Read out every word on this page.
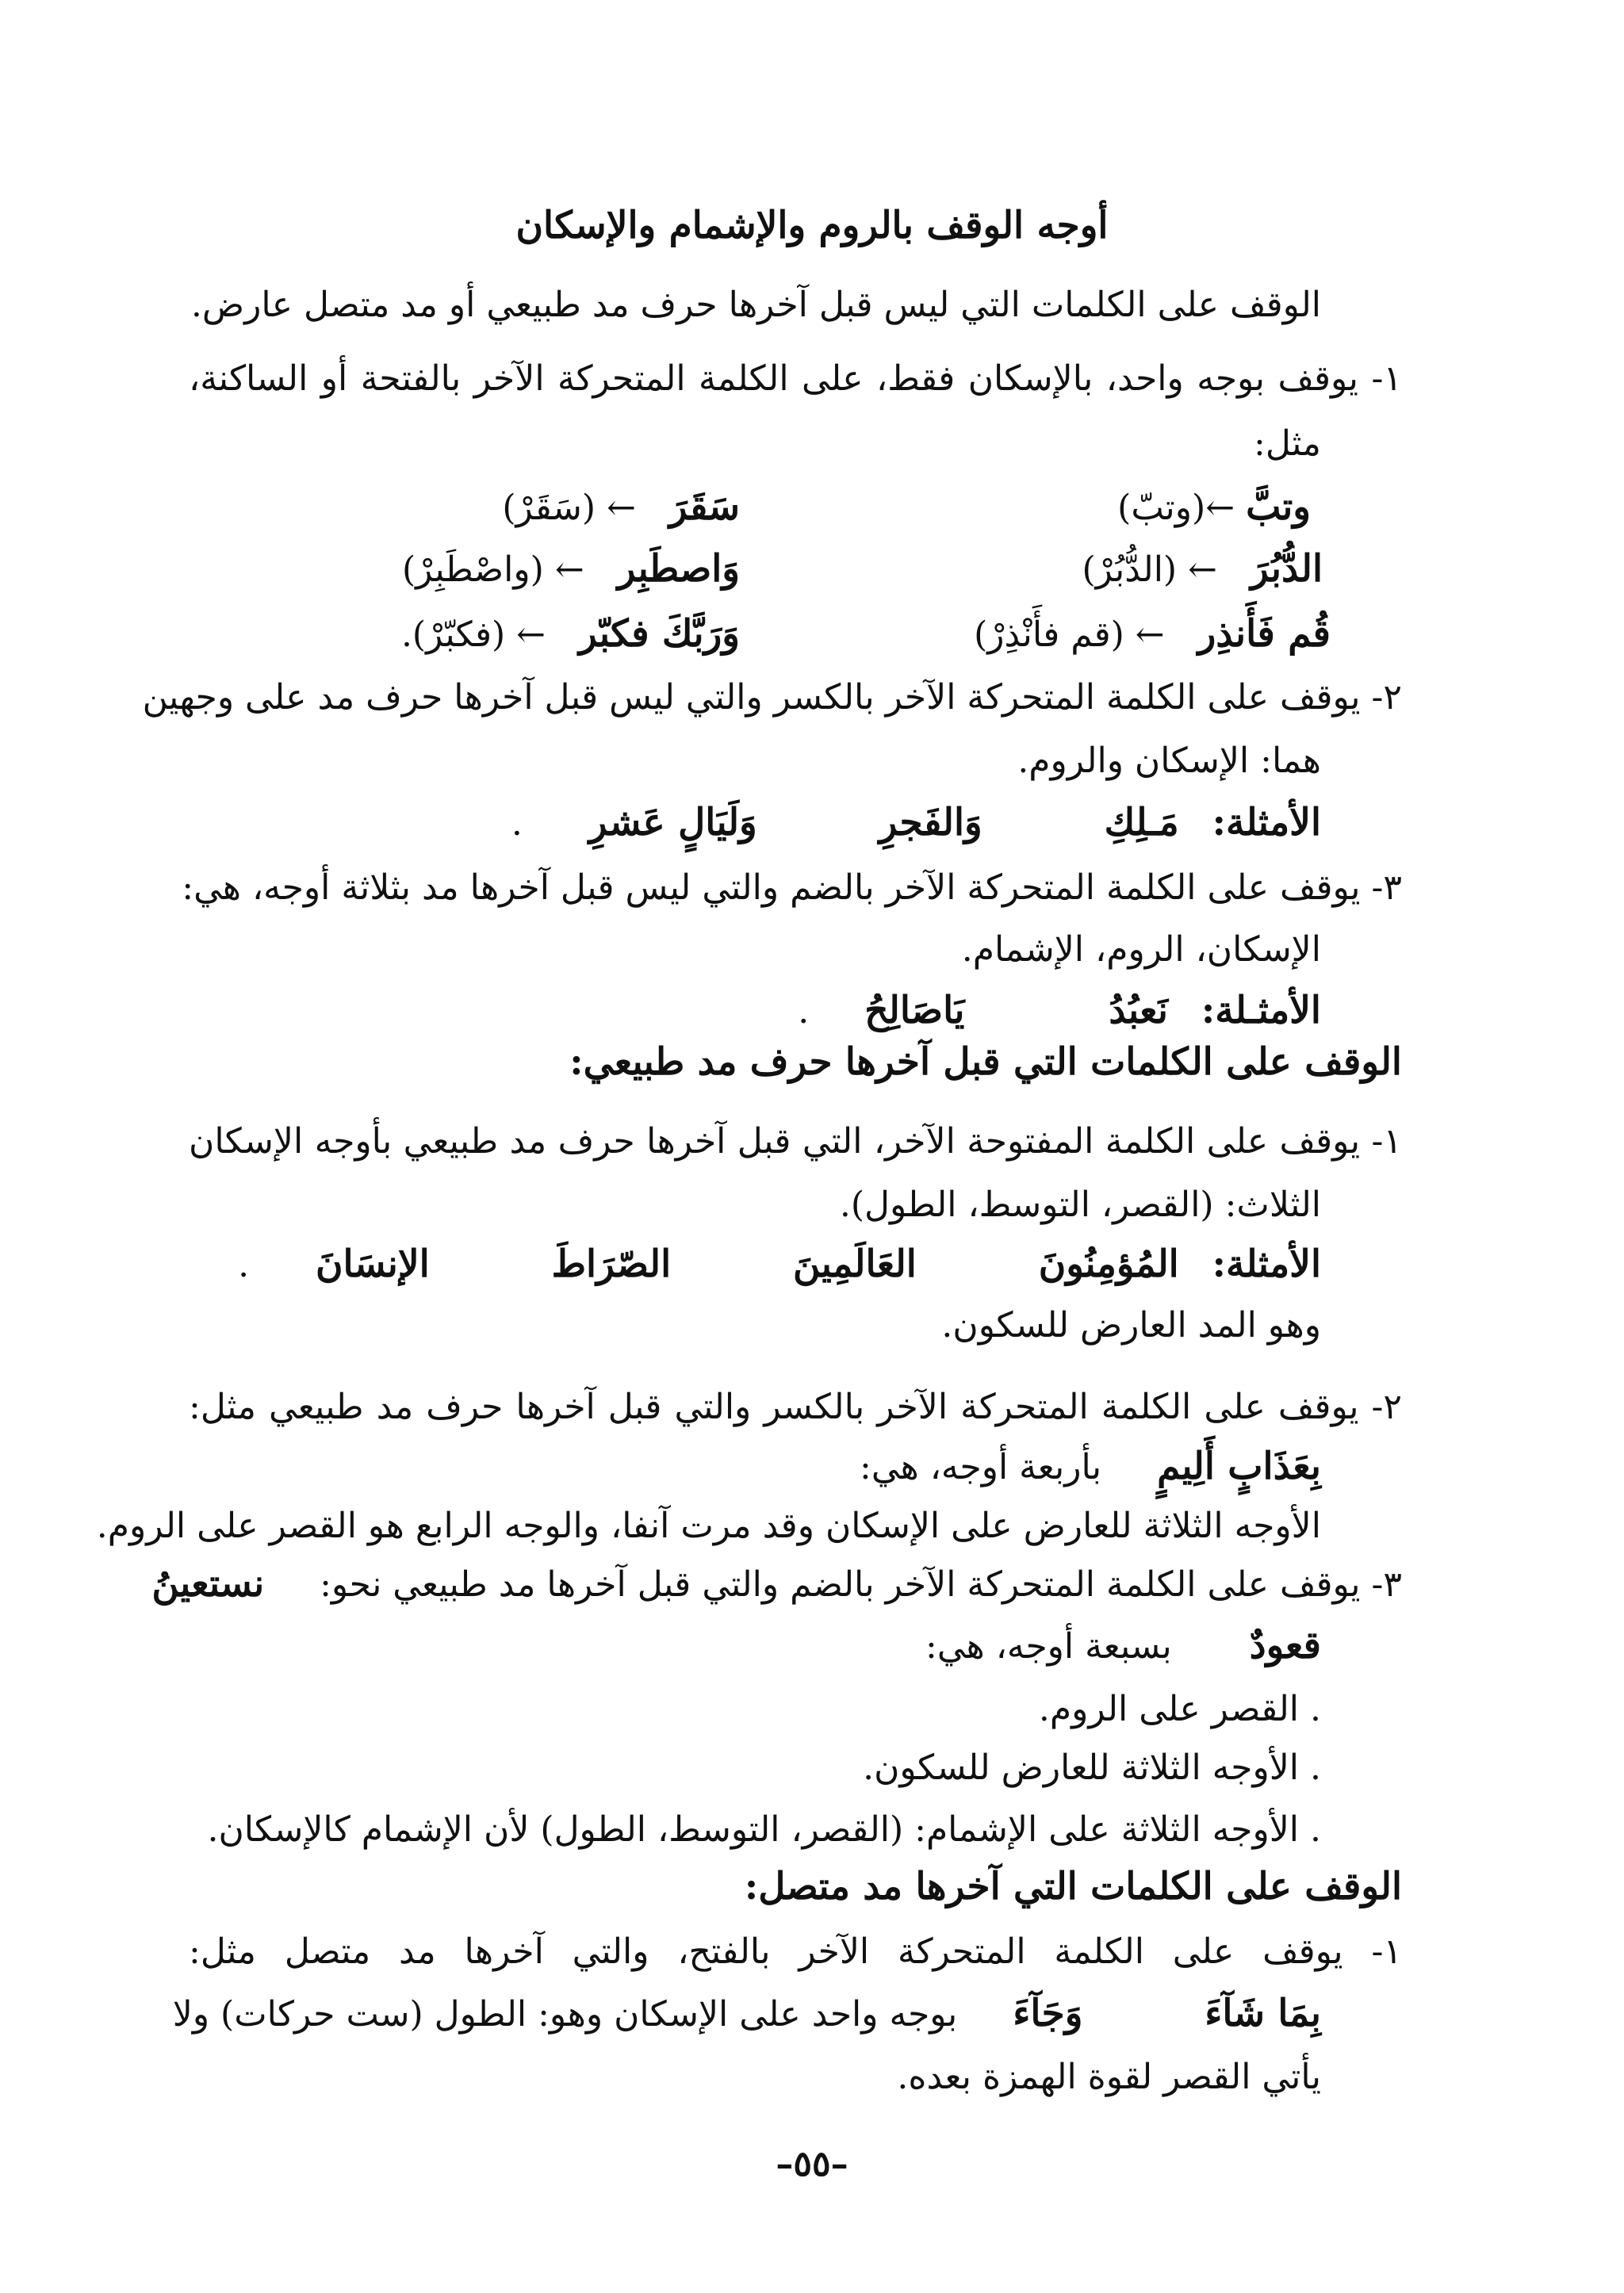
أوجه الوقف بالروم والإشمام والإسكان
الوقف على الكلمات التي ليس قبل آخرها حرف مد طبيعي أو مد متصل عارض.
١- يوقف بوجه واحد، بالإسكان فقط، على الكلمة المتحركة الآخر بالفتحة أو الساكنة،
مثل:
وتبَّ ←(وتبّ)
سَقَرَ   ← (سَقَرْ)
الدُّبُرَ   ← (الدُّبُرْ)
وَاصطَبِر   ← (واصْطَبِرْ)
قُم فَأَنذِر   ← (قم فأَنْذِرْ)
وَرَبَّكَ فكبّر   ← (فكبّرْ).
٢- يوقف على الكلمة المتحركة الآخر بالكسر والتي ليس قبل آخرها حرف مد على وجهين
هما: الإسكان والروم.
الأمثلة:   مَـلِكِ           وَالفَجرِ           وَلَيَالٍ عَشرِ      .
٣- يوقف على الكلمة المتحركة الآخر بالضم والتي ليس قبل آخرها مد بثلاثة أوجه، هي:
الإسكان، الروم، الإشمام.
الأمثـلة:   نَعبُدُ             يَاصَالِحُ     .
الوقف على الكلمات التي قبل آخرها حرف مد طبيعي:
١- يوقف على الكلمة المفتوحة الآخر، التي قبل آخرها حرف مد طبيعي بأوجه الإسكان
الثلاث: (القصر، التوسط، الطول).
الأمثلة:   المُؤمِنُونَ           العَالَمِينَ           الصّرَاطَ           الإنسَانَ      .
وهو المد العارض للسكون.
٢- يوقف على الكلمة المتحركة الآخر بالكسر والتي قبل آخرها حرف مد طبيعي مثل:
بِعَذَابٍ أَلِيمٍ     بأربعة أوجه، هي:
الأوجه الثلاثة للعارض على الإسكان وقد مرت آنفا، والوجه الرابع هو القصر على الروم.
٣- يوقف على الكلمة المتحركة الآخر بالضم والتي قبل آخرها مد طبيعي نحو:     نستعينُ
قعودٌ       بسبعة أوجه، هي:
. القصر على الروم.
. الأوجه الثلاثة للعارض للسكون.
. الأوجه الثلاثة على الإشمام: (القصر، التوسط، الطول) لأن الإشمام كالإسكان.
الوقف على الكلمات التي آخرها مد متصل:
١- يوقف على الكلمة المتحركة الآخر بالفتح، والتي آخرها مد متصل مثل:
بِمَا شَآءَ           وَجَآءَ     بوجه واحد على الإسكان وهو: الطول (ست حركات) ولا
يأتي القصر لقوة الهمزة بعده.
–٥٥–
